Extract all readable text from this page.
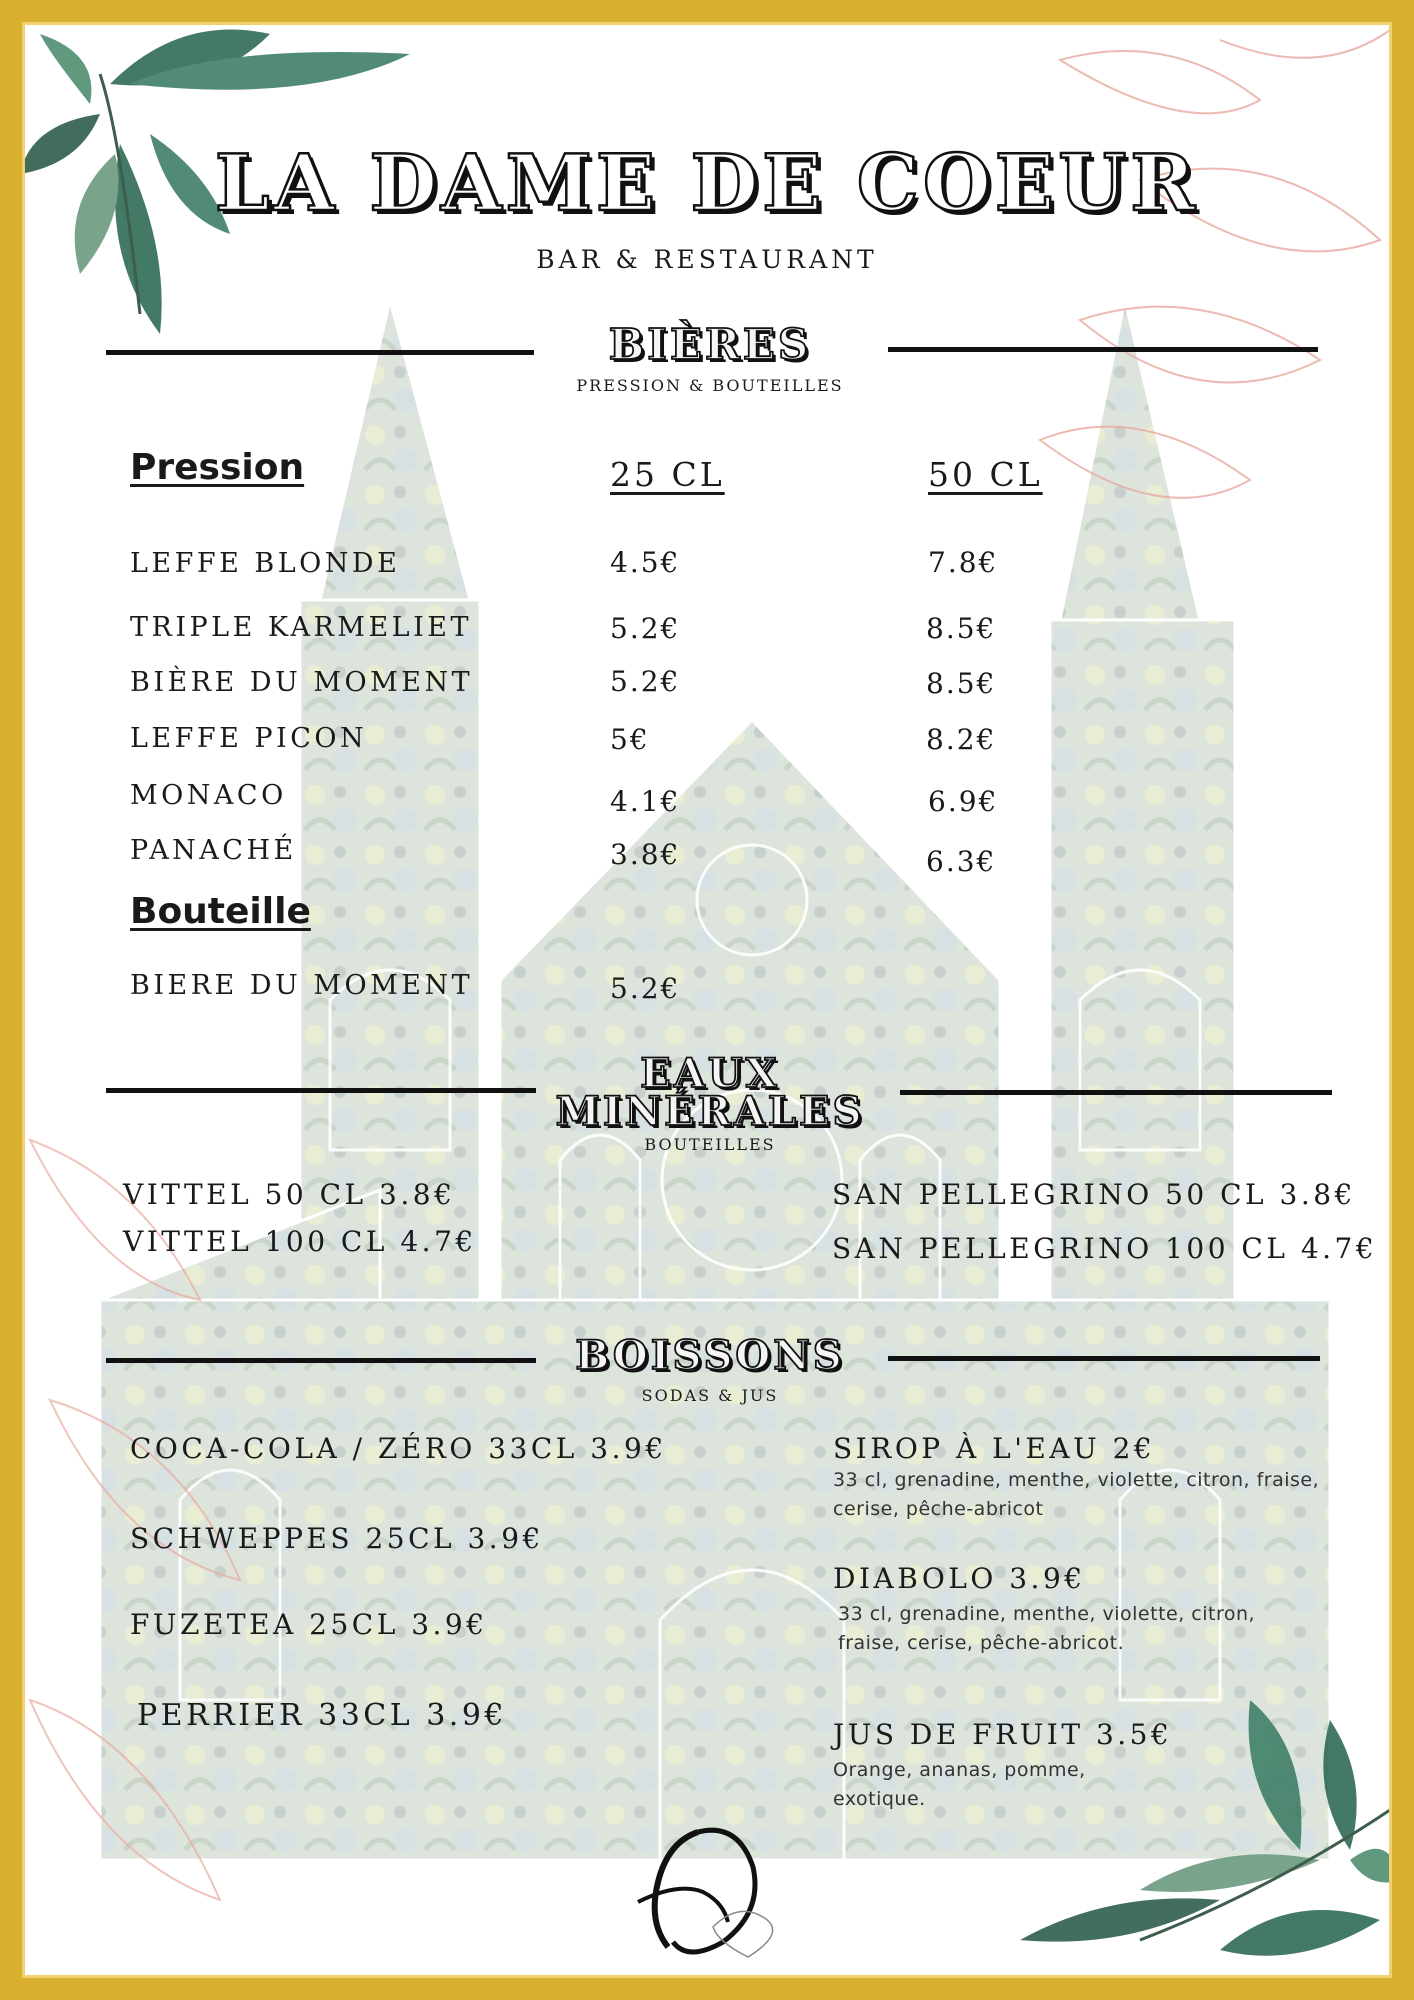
LA DAME DE COEUR
BAR & RESTAURANT
BIÈRES
PRESSION & BOUTEILLES
Pression	25 CL	50 CL
LEFFE BLONDE	4.5€	7.8€
TRIPLE KARMELIET	5.2€	8.5€
BIÈRE DU MOMENT	5.2€	8.5€
LEFFE PICON	5€	8.2€
MONACO	4.1€	6.9€
PANACHÉ	3.8€	6.3€
Bouteille
BIERE DU MOMENT	5.2€
EAUX
MINÉRALES
BOUTEILLES
VITTEL 50 CL 3.8€
VITTEL 100 CL 4.7€
SAN PELLEGRINO 50 CL 3.8€
SAN PELLEGRINO 100 CL 4.7€
BOISSONS
SODAS & JUS
COCA-COLA / ZÉRO 33CL 3.9€
SCHWEPPES 25CL 3.9€
FUZETEA 25CL 3.9€
PERRIER 33CL 3.9€
SIROP À L'EAU 2€
33 cl, grenadine, menthe, violette, citron, fraise, cerise, pêche-abricot
DIABOLO 3.9€
33 cl, grenadine, menthe, violette, citron, fraise, cerise, pêche-abricot.
JUS DE FRUIT 3.5€
Orange, ananas, pomme, exotique.
